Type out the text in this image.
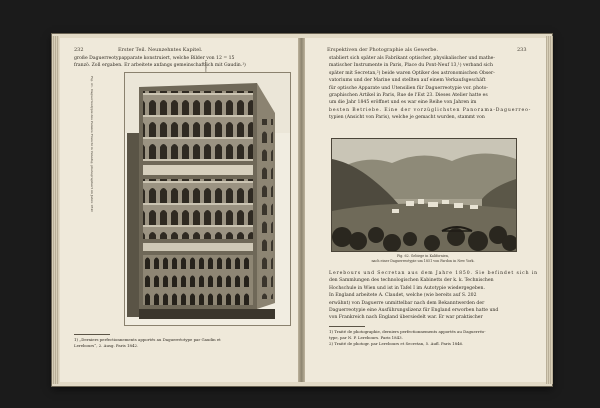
232	Erster Teil. Neunzehntes Kapitel.

große Daguerreotypapparate konstruiert, welche Bilder von 12 = 15

franzö. Zoll ergaben. Er arbeitete anfangs gemeinschaftlich mit Gaudin.¹)

Fig. 61. Daguerreotypie des Palazzo Franchi in Venedig, photographiert im Jahre 1840

1) „Derniers perfectionnements apportés au Daguerréotype par Gaudin et

Lerebours“, 2. Ausg. Paris 1842.

Erspektiven der Photographie als Gewerbe.	233

stabliert sich später als Fabrikant optischer, physikalischer und mathe-

matischer Instrumente in Paris, Place du Pont-Neuf 13,¹) verband sich

später mit Secretan,²) beide waren Optiker des astronomischen Obser-

vatoriums und der Marine und stellten auf einem Verkaufsgeschäft

für optische Apparate und Utensilien für Daguerreotypie vor. photo-

graphischen Artikel in Paris, Rue de l'Est 23. Dieses Atelier hatte es

um die Jahr 1845 eröffnet und es war eine Reihe von Jahren im

besten Betriebe. Eine der vorzüglichsten Panorama-Daguerreo-

typien (Ansicht von Paris), welche je gemacht wurden, stammt von

Fig. 62. Gebirge in Kalifornien,
nach einer Daguerreotypie um 1851 von Fardon in New York.

Lerebours und Secretan aus dem Jahre 1850. Sie befindet sich in

den Sammlungen des technologischen Kabinetts der k. k. Technischen

Hochschule in Wien und ist in Tafel I im Autotypie wiedergegeben.

In England arbeitete A. Claudet, welche (wie bereits auf S. 202

erwähnt) von Daguerre unmittelbar nach dem Bekanntwerden der

Daguerreotypie eine Ausführungslizenz für England erworben hatte und

von Frankreich nach England übersiedelt war. Er war praktischer

1) Traité de photographie, derniers perfectionnements apportés au Daguerréo-

type, par N. P. Lerebours. Paris 1843.

2) Traité de photogr. par Lerebours et Secretan, 5. Aufl. Paris 1846.
